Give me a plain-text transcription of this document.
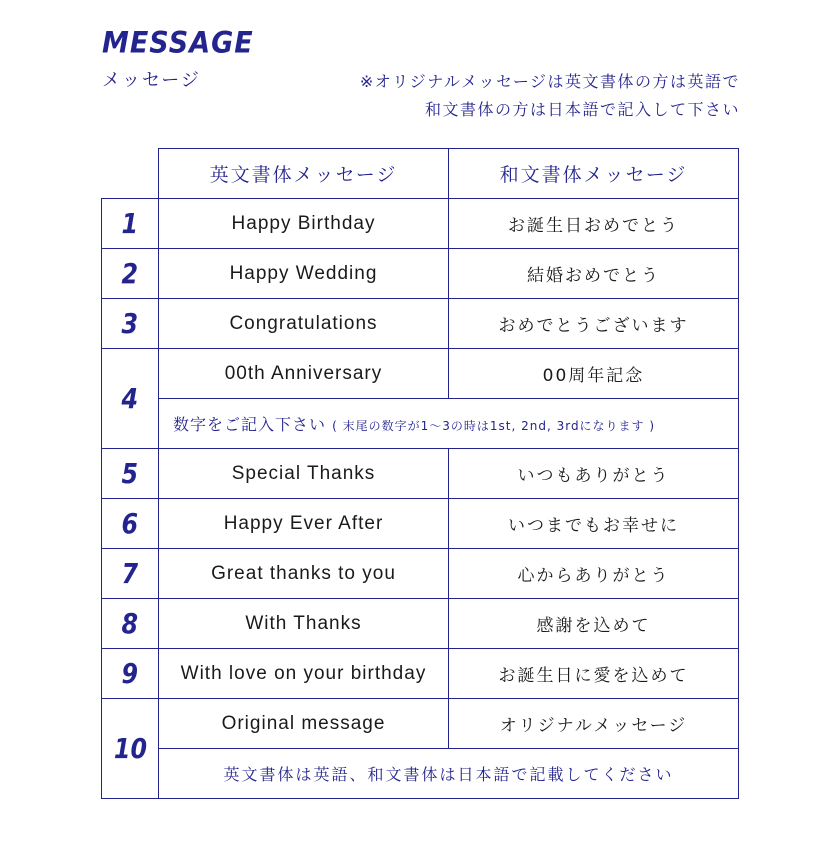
MESSAGE
メッセージ	※オリジナルメッセージは英文書体の方は英語で
和文書体の方は日本語で記入して下さい
	英文書体メッセージ	和文書体メッセージ
1	Happy Birthday	お誕生日おめでとう
2	Happy Wedding	結婚おめでとう
3	Congratulations	おめでとうございます
4	00th Anniversary	00周年記念
	数字をご記入下さい ( 末尾の数字が1～3の時は1st, 2nd, 3rdになります )	
5	Special Thanks	いつもありがとう
6	Happy Ever After	いつまでもお幸せに
7	Great thanks to you	心からありがとう
8	With Thanks	感謝を込めて
9	With love on your birthday	お誕生日に愛を込めて
10	Original message	オリジナルメッセージ
	英文書体は英語、和文書体は日本語で記載してください	
